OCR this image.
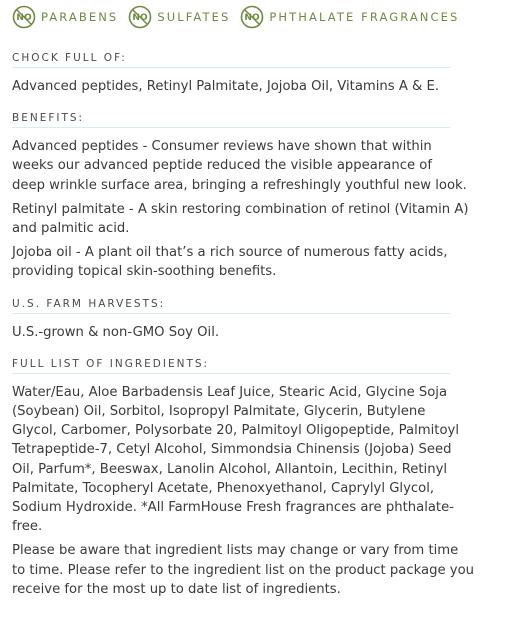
NO PARABENS NO SULFATES NO PHTHALATE FRAGRANCES
CHOCK FULL OF:

Advanced peptides, Retinyl Palmitate, Jojoba Oil, Vitamins A & E.

BENEFITS:

Advanced peptides - Consumer reviews have shown that within
weeks our advanced peptide reduced the visible appearance of
deep wrinkle surface area, bringing a refreshingly youthful new look.

Retinyl palmitate - A skin restoring combination of retinol (Vitamin A)
and palmitic acid.

Jojoba oil - A plant oil that’s a rich source of numerous fatty acids,
providing topical skin-soothing benefits.

U.S. FARM HARVESTS:

U.S.-grown & non-GMO Soy Oil.

FULL LIST OF INGREDIENTS:

Water/Eau, Aloe Barbadensis Leaf Juice, Stearic Acid, Glycine Soja
(Soybean) Oil, Sorbitol, Isopropyl Palmitate, Glycerin, Butylene
Glycol, Carbomer, Polysorbate 20, Palmitoyl Oligopeptide, Palmitoyl
Tetrapeptide-7, Cetyl Alcohol, Simmondsia Chinensis (Jojoba) Seed
Oil, Parfum*, Beeswax, Lanolin Alcohol, Allantoin, Lecithin, Retinyl
Palmitate, Tocopheryl Acetate, Phenoxyethanol, Caprylyl Glycol,
Sodium Hydroxide. *All FarmHouse Fresh fragrances are phthalate-
free.

Please be aware that ingredient lists may change or vary from time
to time. Please refer to the ingredient list on the product package you
receive for the most up to date list of ingredients.
